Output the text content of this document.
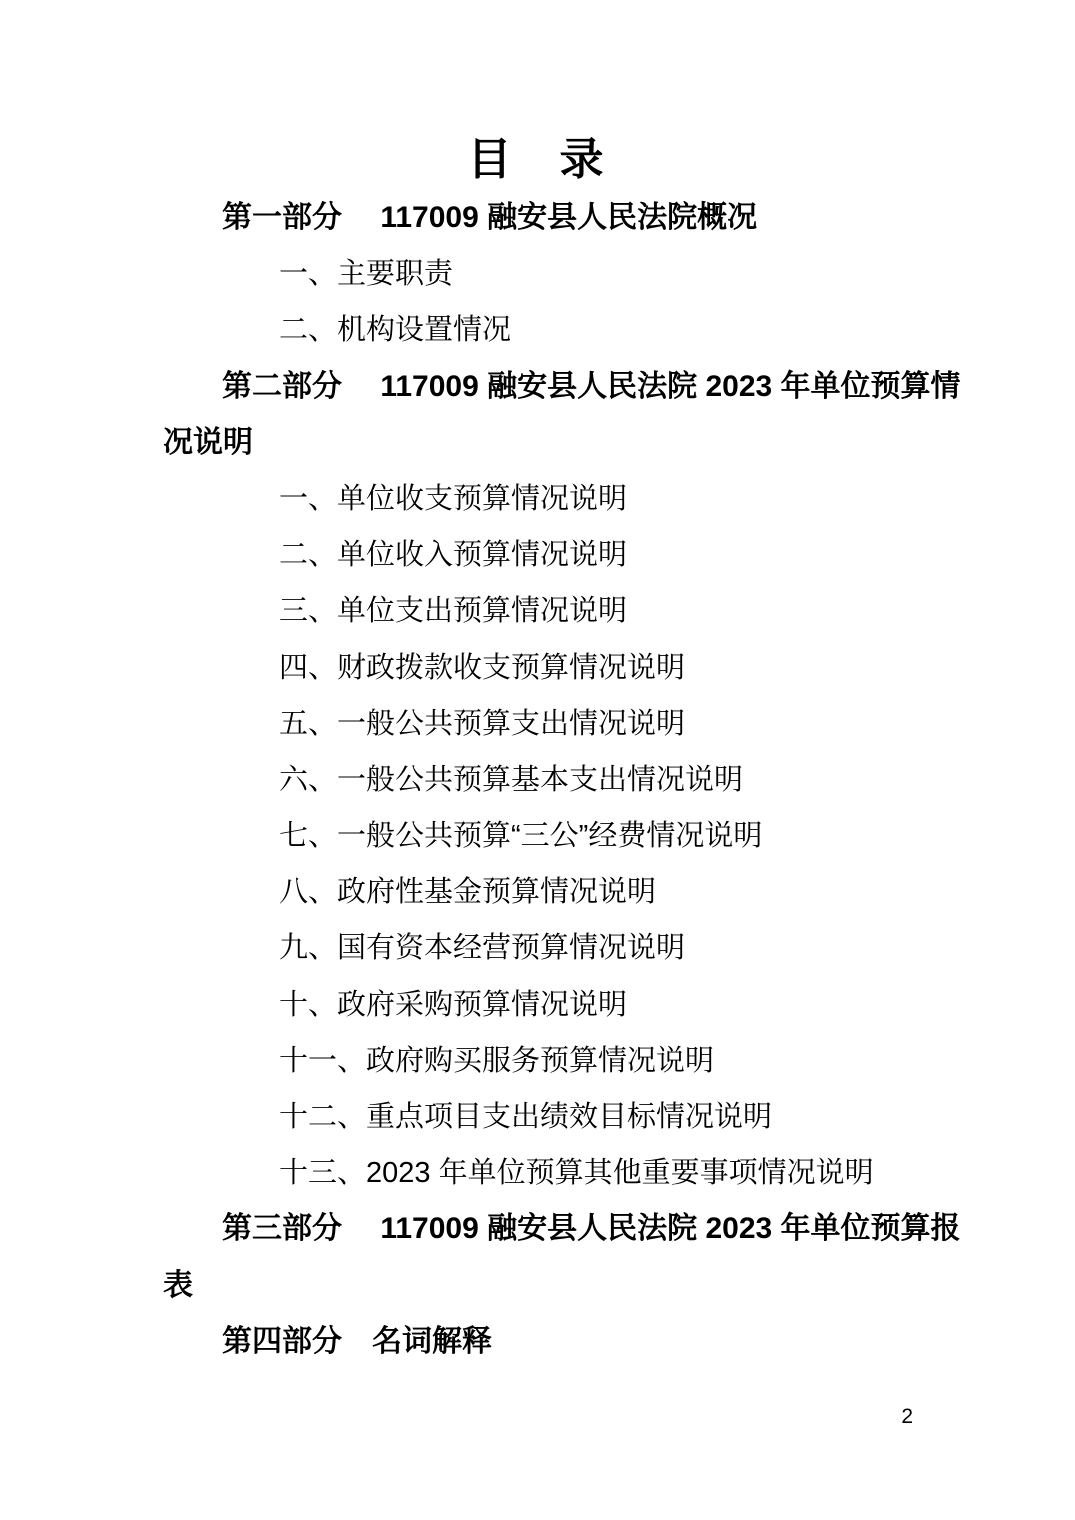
目　录
第一部分　 117009 融安县人民法院概况
一、主要职责
二、机构设置情况
第二部分　 117009 融安县人民法院 2023 年单位预算情
况说明
一、单位收支预算情况说明
二、单位收入预算情况说明
三、单位支出预算情况说明
四、财政拨款收支预算情况说明
五、一般公共预算支出情况说明
六、一般公共预算基本支出情况说明
七、一般公共预算“三公”经费情况说明
八、政府性基金预算情况说明
九、国有资本经营预算情况说明
十、政府采购预算情况说明
十一、政府购买服务预算情况说明
十二、重点项目支出绩效目标情况说明
十三、2023 年单位预算其他重要事项情况说明
第三部分　 117009 融安县人民法院 2023 年单位预算报
表
第四部分　名词解释
2
